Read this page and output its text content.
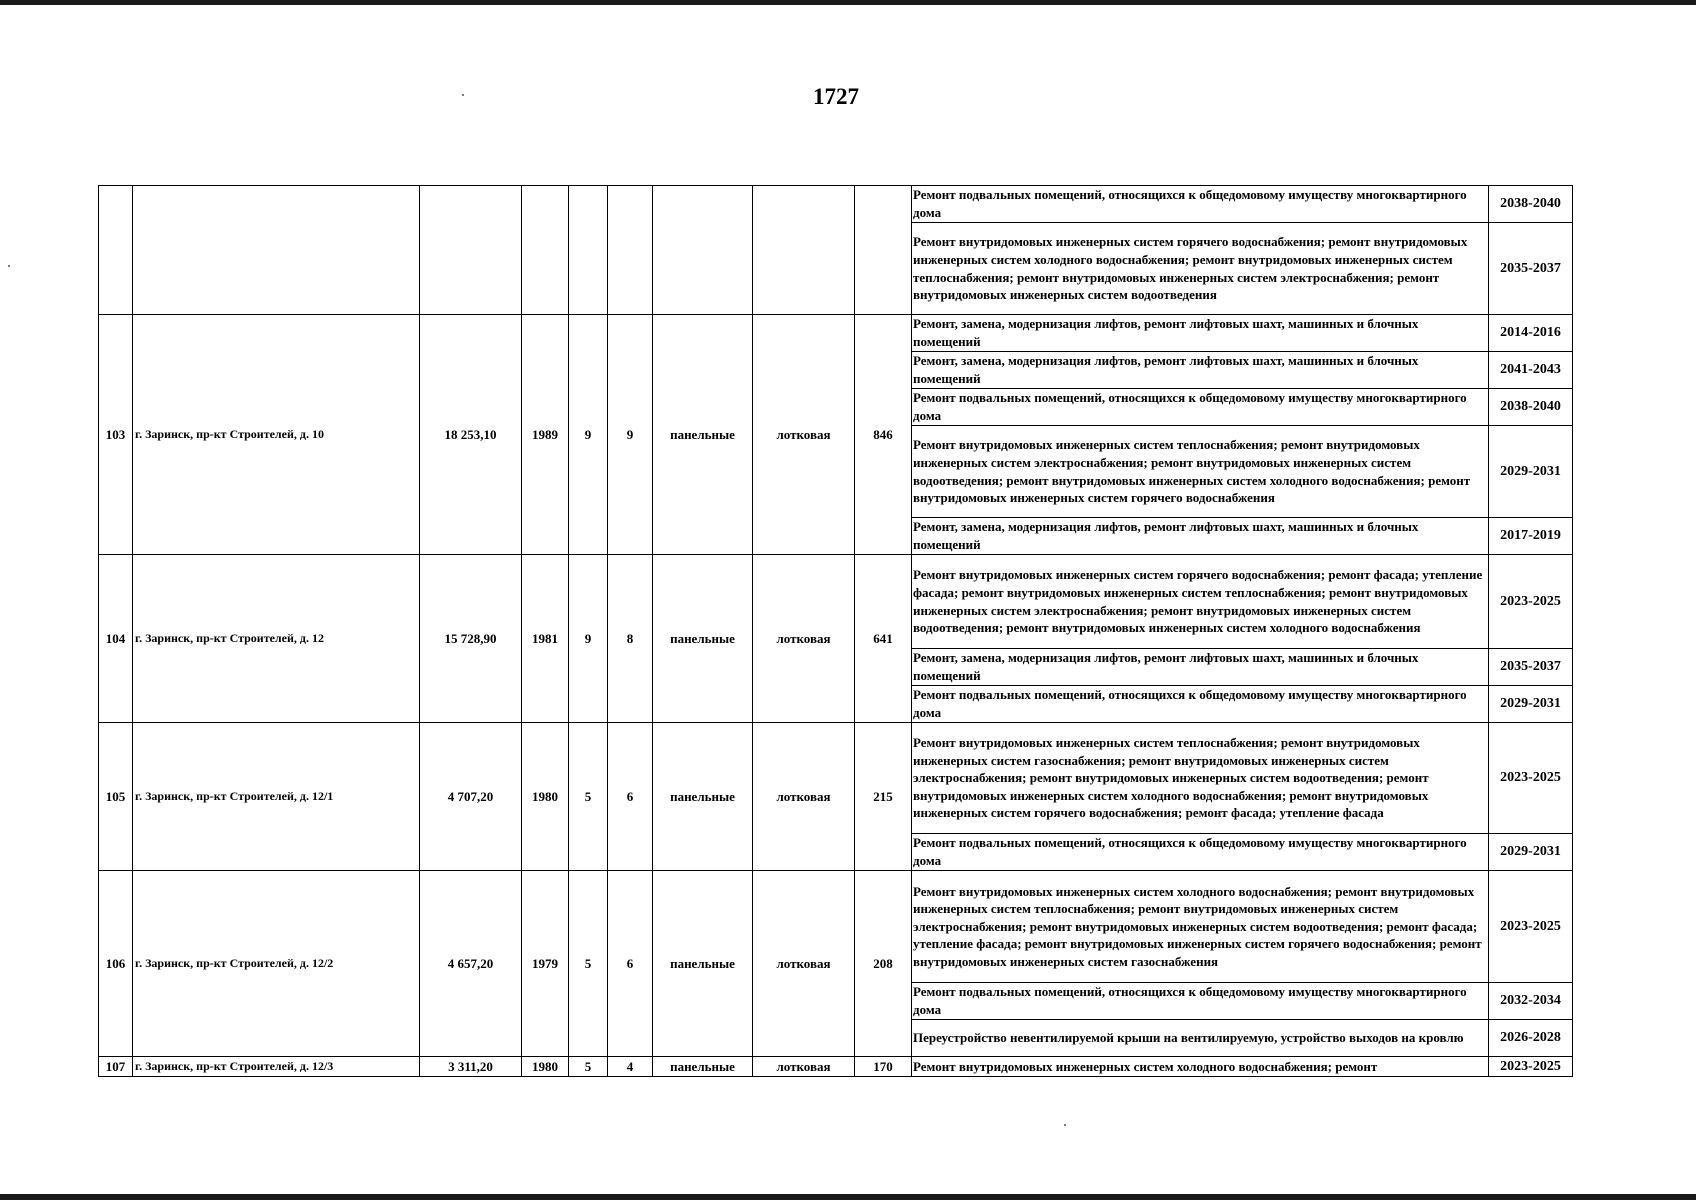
1727
									Ремонт подвальных помещений, относящихся к общедомовому имуществу многоквартирного дома	2038-2040
									Ремонт внутридомовых инженерных систем горячего водоснабжения; ремонт внутридомовых инженерных систем холодного водоснабжения; ремонт внутридомовых инженерных систем теплоснабжения; ремонт внутридомовых инженерных систем электроснабжения; ремонт внутридомовых инженерных систем водоотведения	2035-2037
103	г. Заринск, пр-кт Строителей, д. 10	18 253,10	1989	9	9	панельные	лотковая	846	Ремонт, замена, модернизация лифтов, ремонт лифтовых шахт, машинных и блочных помещений	2014-2016
									Ремонт, замена, модернизация лифтов, ремонт лифтовых шахт, машинных и блочных помещений	2041-2043
									Ремонт подвальных помещений, относящихся к общедомовому имуществу многоквартирного дома	2038-2040
									Ремонт внутридомовых инженерных систем теплоснабжения; ремонт внутридомовых инженерных систем электроснабжения; ремонт внутридомовых инженерных систем водоотведения; ремонт внутридомовых инженерных систем холодного водоснабжения; ремонт внутридомовых инженерных систем горячего водоснабжения	2029-2031
									Ремонт, замена, модернизация лифтов, ремонт лифтовых шахт, машинных и блочных помещений	2017-2019
104	г. Заринск, пр-кт Строителей, д. 12	15 728,90	1981	9	8	панельные	лотковая	641	Ремонт внутридомовых инженерных систем горячего водоснабжения; ремонт фасада; утепление фасада; ремонт внутридомовых инженерных систем теплоснабжения; ремонт внутридомовых инженерных систем электроснабжения; ремонт внутридомовых инженерных систем водоотведения; ремонт внутридомовых инженерных систем холодного водоснабжения	2023-2025
									Ремонт, замена, модернизация лифтов, ремонт лифтовых шахт, машинных и блочных помещений	2035-2037
									Ремонт подвальных помещений, относящихся к общедомовому имуществу многоквартирного дома	2029-2031
105	г. Заринск, пр-кт Строителей, д. 12/1	4 707,20	1980	5	6	панельные	лотковая	215	Ремонт внутридомовых инженерных систем теплоснабжения; ремонт внутридомовых инженерных систем газоснабжения; ремонт внутридомовых инженерных систем электроснабжения; ремонт внутридомовых инженерных систем водоотведения; ремонт внутридомовых инженерных систем холодного водоснабжения; ремонт внутридомовых инженерных систем горячего водоснабжения; ремонт фасада; утепление фасада	2023-2025
									Ремонт подвальных помещений, относящихся к общедомовому имуществу многоквартирного дома	2029-2031
106	г. Заринск, пр-кт Строителей, д. 12/2	4 657,20	1979	5	6	панельные	лотковая	208	Ремонт внутридомовых инженерных систем холодного водоснабжения; ремонт внутридомовых инженерных систем теплоснабжения; ремонт внутридомовых инженерных систем электроснабжения; ремонт внутридомовых инженерных систем водоотведения; ремонт фасада; утепление фасада; ремонт внутридомовых инженерных систем горячего водоснабжения; ремонт внутридомовых инженерных систем газоснабжения	2023-2025
									Ремонт подвальных помещений, относящихся к общедомовому имуществу многоквартирного дома	2032-2034
									Переустройство невентилируемой крыши на вентилируемую, устройство выходов на кровлю	2026-2028
107	г. Заринск, пр-кт Строителей, д. 12/3	3 311,20	1980	5	4	панельные	лотковая	170	Ремонт внутридомовых инженерных систем холодного водоснабжения; ремонт	2023-2025
